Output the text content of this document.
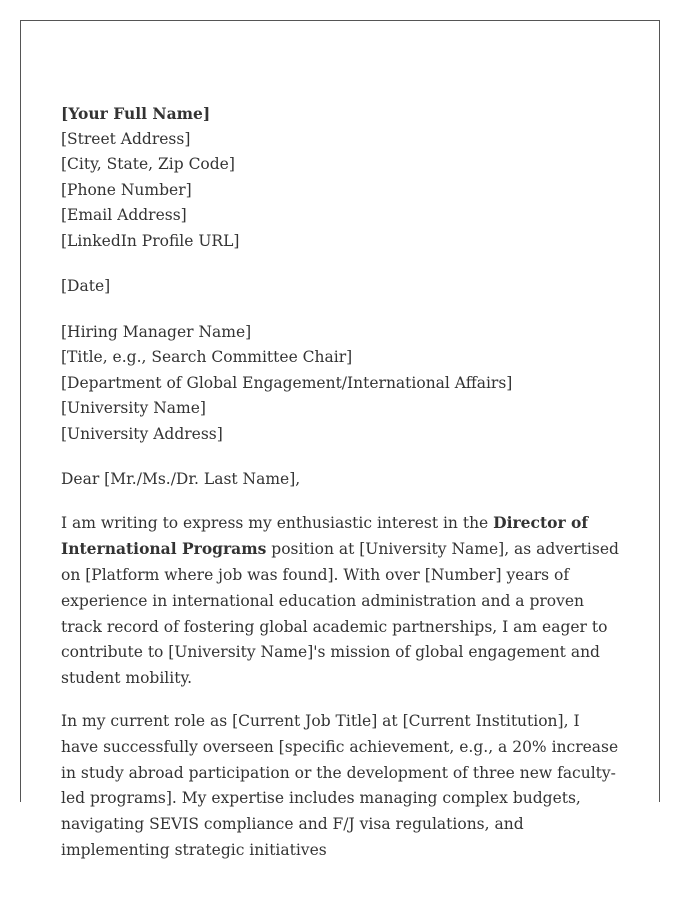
[Your Full Name]
[Street Address]
[City, State, Zip Code]
[Phone Number]
[Email Address]
[LinkedIn Profile URL]
[Date]
[Hiring Manager Name]
[Title, e.g., Search Committee Chair]
[Department of Global Engagement/International Affairs]
[University Name]
[University Address]
Dear [Mr./Ms./Dr. Last Name],

I am writing to express my enthusiastic interest in the Director of International Programs position at [University Name], as advertised on [Platform where job was found]. With over [Number] years of experience in international education administration and a proven track record of fostering global academic partnerships, I am eager to contribute to [University Name]'s mission of global engagement and student mobility.

In my current role as [Current Job Title] at [Current Institution], I have successfully overseen [specific achievement, e.g., a 20% increase in study abroad participation or the development of three new faculty-led programs]. My expertise includes managing complex budgets, navigating SEVIS compliance and F/J visa regulations, and implementing strategic initiatives
